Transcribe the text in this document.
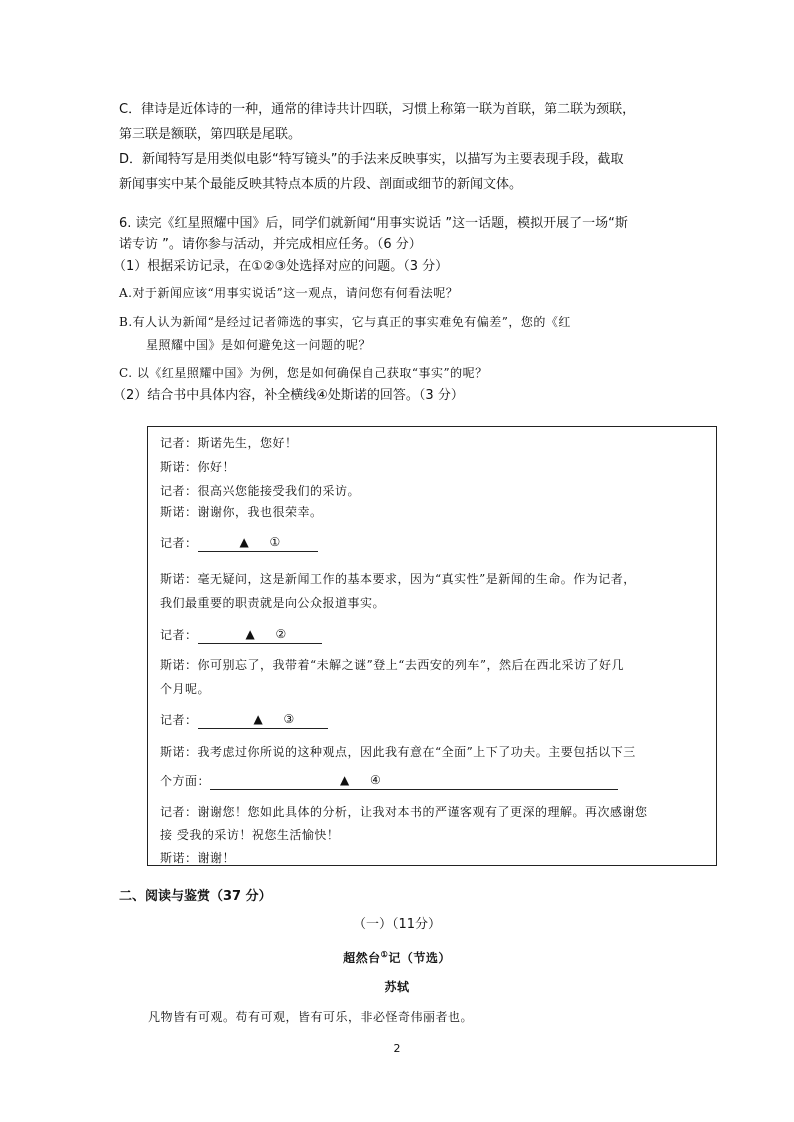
C．律诗是近体诗的一种，通常的律诗共计四联，习惯上称第一联为首联，第二联为颈联，
第三联是额联，第四联是尾联。
D．新闻特写是用类似电影“特写镜头”的手法来反映事实，以描写为主要表现手段，截取
新闻事实中某个最能反映其特点本质的片段、剖面或细节的新闻文体。
6. 读完《红星照耀中国》后，同学们就新闻“用事实说话 ”这一话题，模拟开展了一场“斯
诺专访 ”。请你参与活动，并完成相应任务。（6 分）
（1）根据采访记录，在①②③处选择对应的问题。（3 分）
A.对于新闻应该“用事实说话”这一观点，请问您有何看法呢？
B.有人认为新闻“是经过记者筛选的事实，它与真正的事实难免有偏差”，您的《红
星照耀中国》是如何避免这一问题的呢？
C. 以《红星照耀中国》为例，您是如何确保自己获取“事实”的呢？
（2）结合书中具体内容，补全横线④处斯诺的回答。（3 分）
记者：斯诺先生，您好！
斯诺：你好！
记者：很高兴您能接受我们的采访。
斯诺：谢谢你，我也很荣幸。
记者：	▲ ①
斯诺：毫无疑问，这是新闻工作的基本要求，因为“真实性”是新闻的生命。作为记者，
我们最重要的职责就是向公众报道事实。
记者：	▲ ②
斯诺：你可别忘了，我带着“未解之谜”登上“去西安的列车”，然后在西北采访了好几
个月呢。
记者：	▲ ③
斯诺：我考虑过你所说的这种观点，因此我有意在“全面”上下了功夫。主要包括以下三
个方面：	▲ ④
记者：谢谢您！您如此具体的分析，让我对本书的严谨客观有了更深的理解。再次感谢您
接 受我的采访！祝您生活愉快！
斯诺：谢谢！
二、阅读与鉴赏（37 分）
（一）（11分）
超然台①记（节选）
苏轼
凡物皆有可观。苟有可观，皆有可乐，非必怪奇伟丽者也。
2
